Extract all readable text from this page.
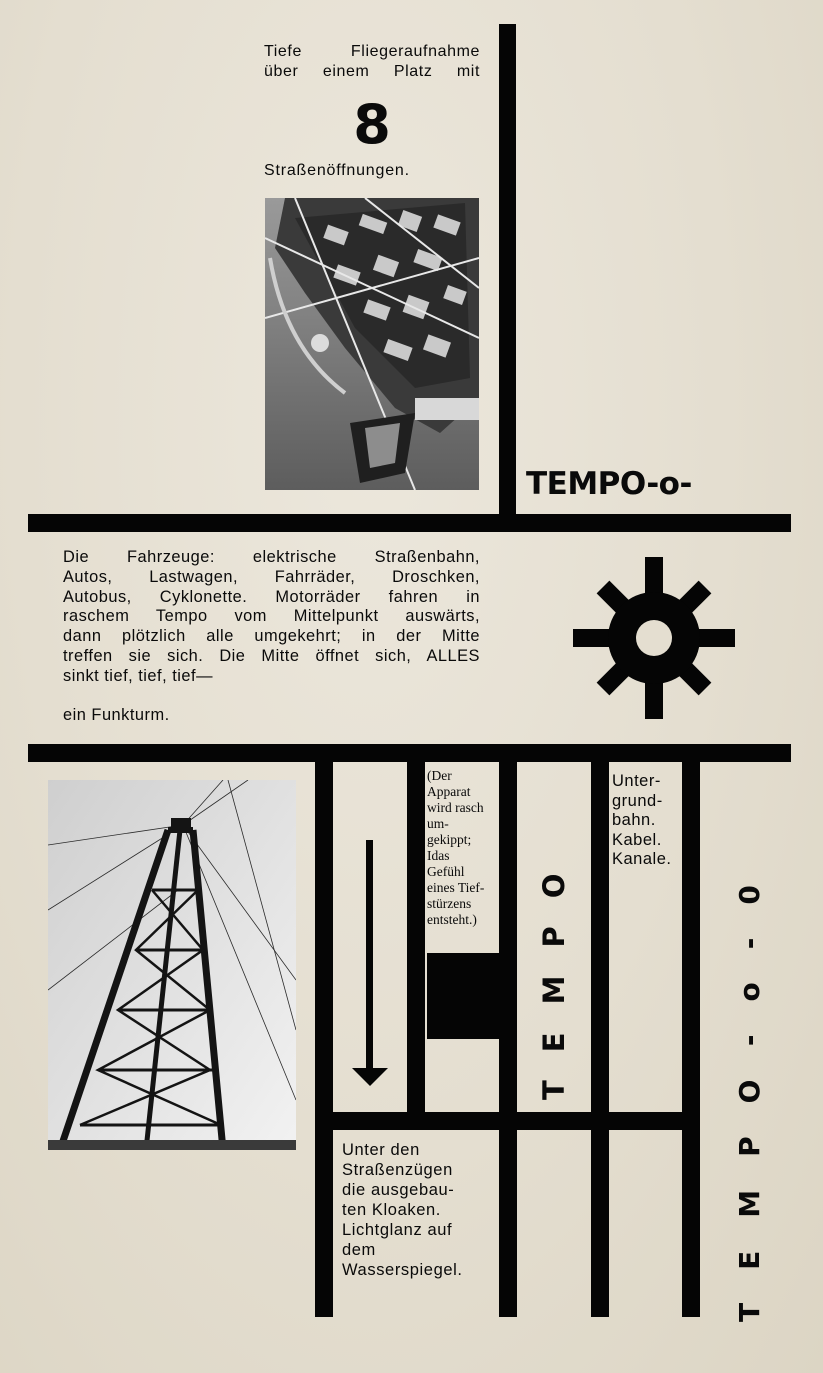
Tiefe Fliegeraufnahme
über einem Platz mit
8
Straßenöffnungen.
TEMPO-o-
Die Fahrzeuge: elektrische Straßenbahn,
Autos, Lastwagen, Fahrräder, Droschken,
Autobus, Cyklonette. Motorräder fahren in
raschem Tempo vom Mittelpunkt auswärts,
dann plötzlich alle umgekehrt; in der Mitte
treffen sie sich. Die Mitte öffnet sich, ALLES
sinkt tief, tief, tief—
ein Funkturm.
(Der
Apparat
wird rasch
um-
gekippt;
Idas
Gefühl
eines Tief-
stürzens
entsteht.)
Unter-
grund-
bahn.
Kabel.
Kanale.
Unter den
Straßenzügen
die ausgebau-
ten Kloaken.
Lichtglanz auf
dem
Wasserspiegel.
TEMPO	TEMPO-o-0
